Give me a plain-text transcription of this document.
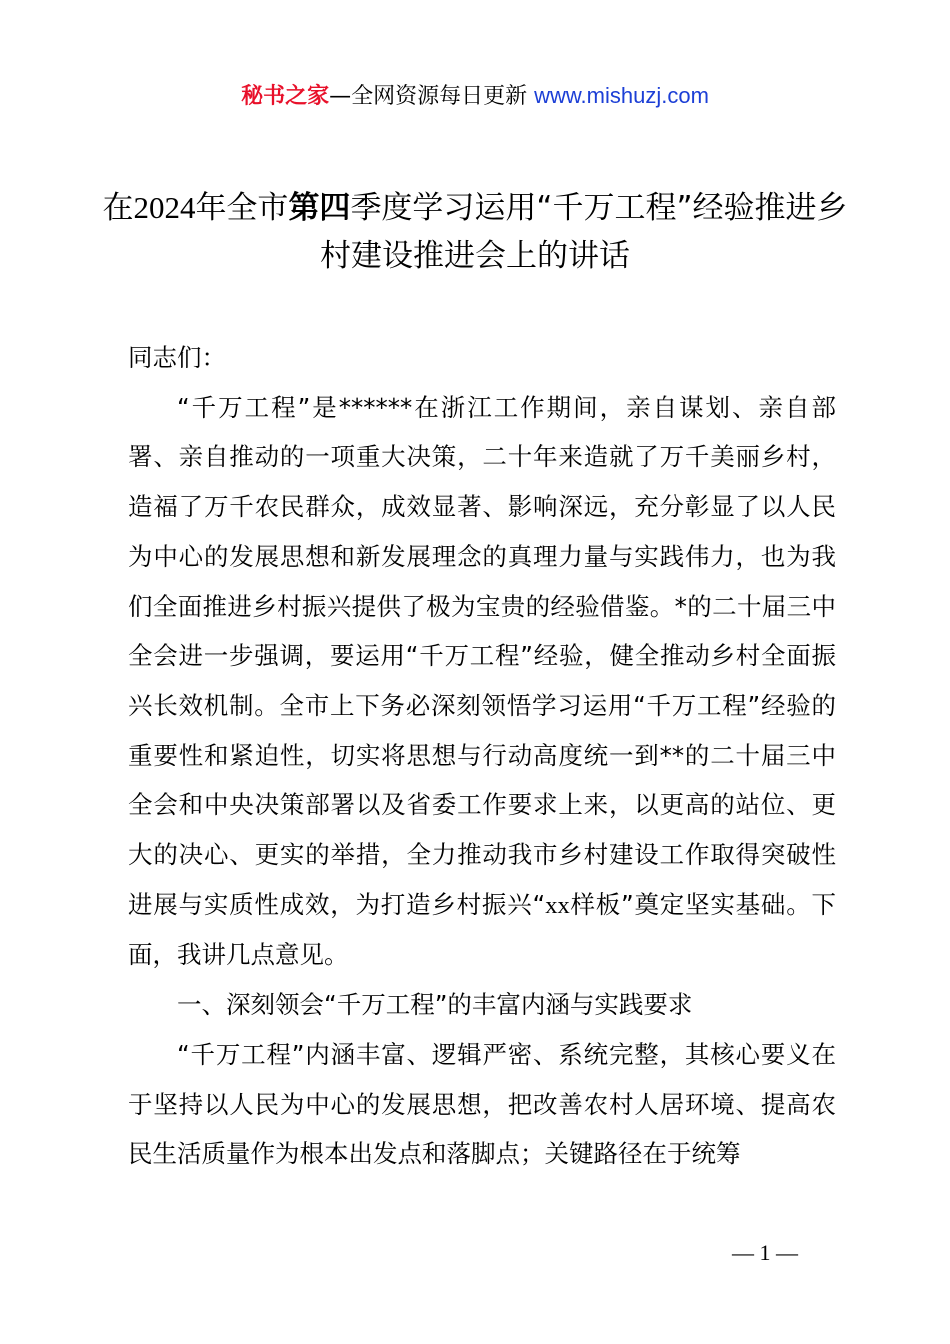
秘书之家—全网资源每日更新 www.mishuzj.com
在2024年全市第四季度学习运用“千万工程”经验推进乡村建设推进会上的讲话

同志们：

“千万工程”是******在浙江工作期间，亲自谋划、亲自部署、亲自推动的一项重大决策，二十年来造就了万千美丽乡村，造福了万千农民群众，成效显著、影响深远，充分彰显了以人民为中心的发展思想和新发展理念的真理力量与实践伟力，也为我们全面推进乡村振兴提供了极为宝贵的经验借鉴。*的二十届三中全会进一步强调，要运用“千万工程”经验，健全推动乡村全面振兴长效机制。全市上下务必深刻领悟学习运用“千万工程”经验的重要性和紧迫性，切实将思想与行动高度统一到**的二十届三中全会和中央决策部署以及省委工作要求上来，以更高的站位、更大的决心、更实的举措，全力推动我市乡村建设工作取得突破性进展与实质性成效，为打造乡村振兴“xx样板”奠定坚实基础。下面，我讲几点意见。

一、深刻领会“千万工程”的丰富内涵与实践要求

“千万工程”内涵丰富、逻辑严密、系统完整，其核心要义在于坚持以人民为中心的发展思想，把改善农村人居环境、提高农民生活质量作为根本出发点和落脚点；关键路径在于统筹

— 1 —
